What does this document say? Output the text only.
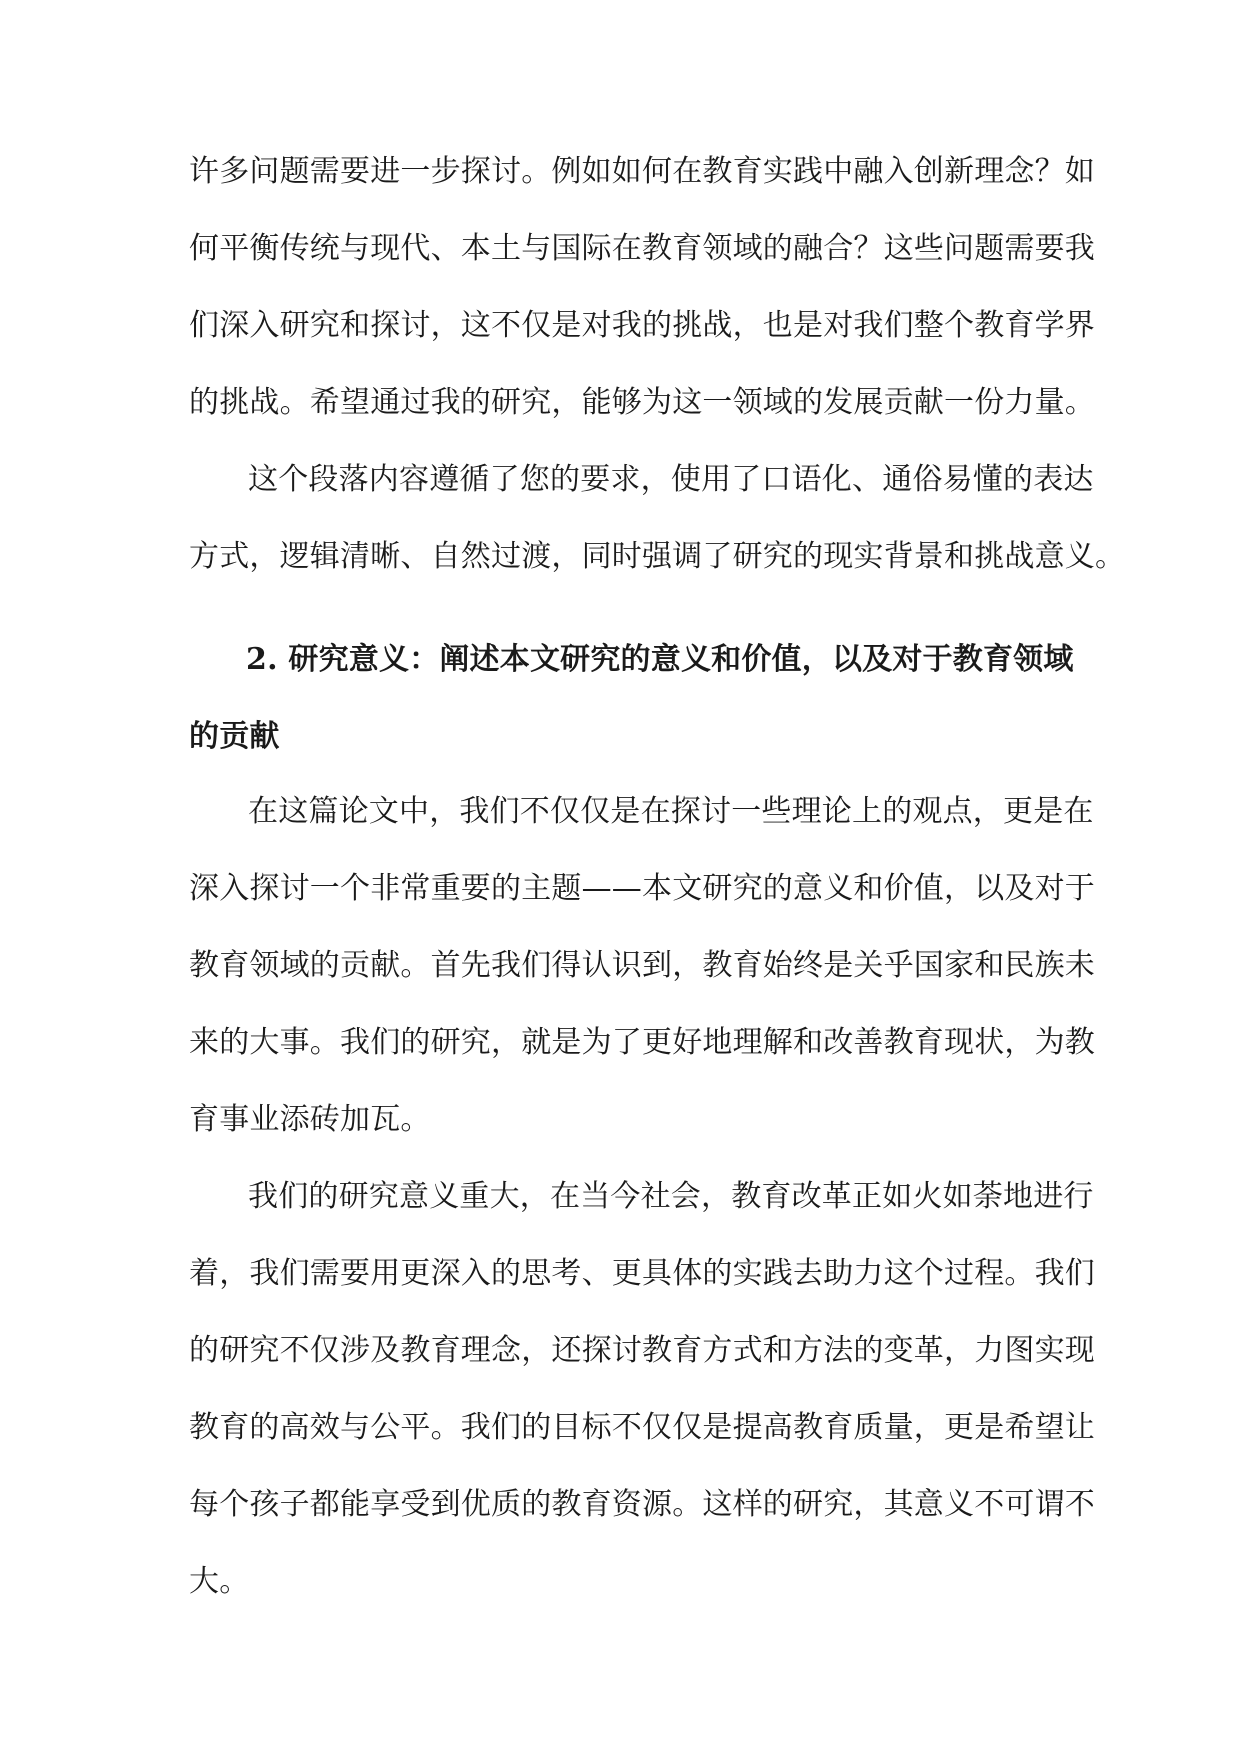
许多问题需要进一步探讨。例如如何在教育实践中融入创新理念？如
何平衡传统与现代、本土与国际在教育领域的融合？这些问题需要我
们深入研究和探讨，这不仅是对我的挑战，也是对我们整个教育学界
的挑战。希望通过我的研究，能够为这一领域的发展贡献一份力量。
这个段落内容遵循了您的要求，使用了口语化、通俗易懂的表达
方式，逻辑清晰、自然过渡，同时强调了研究的现实背景和挑战意义。
2. 研究意义：阐述本文研究的意义和价值，以及对于教育领域
的贡献
在这篇论文中，我们不仅仅是在探讨一些理论上的观点，更是在
深入探讨一个非常重要的主题——本文研究的意义和价值，以及对于
教育领域的贡献。首先我们得认识到，教育始终是关乎国家和民族未
来的大事。我们的研究，就是为了更好地理解和改善教育现状，为教
育事业添砖加瓦。
我们的研究意义重大，在当今社会，教育改革正如火如荼地进行
着，我们需要用更深入的思考、更具体的实践去助力这个过程。我们
的研究不仅涉及教育理念，还探讨教育方式和方法的变革，力图实现
教育的高效与公平。我们的目标不仅仅是提高教育质量，更是希望让
每个孩子都能享受到优质的教育资源。这样的研究，其意义不可谓不
大。
